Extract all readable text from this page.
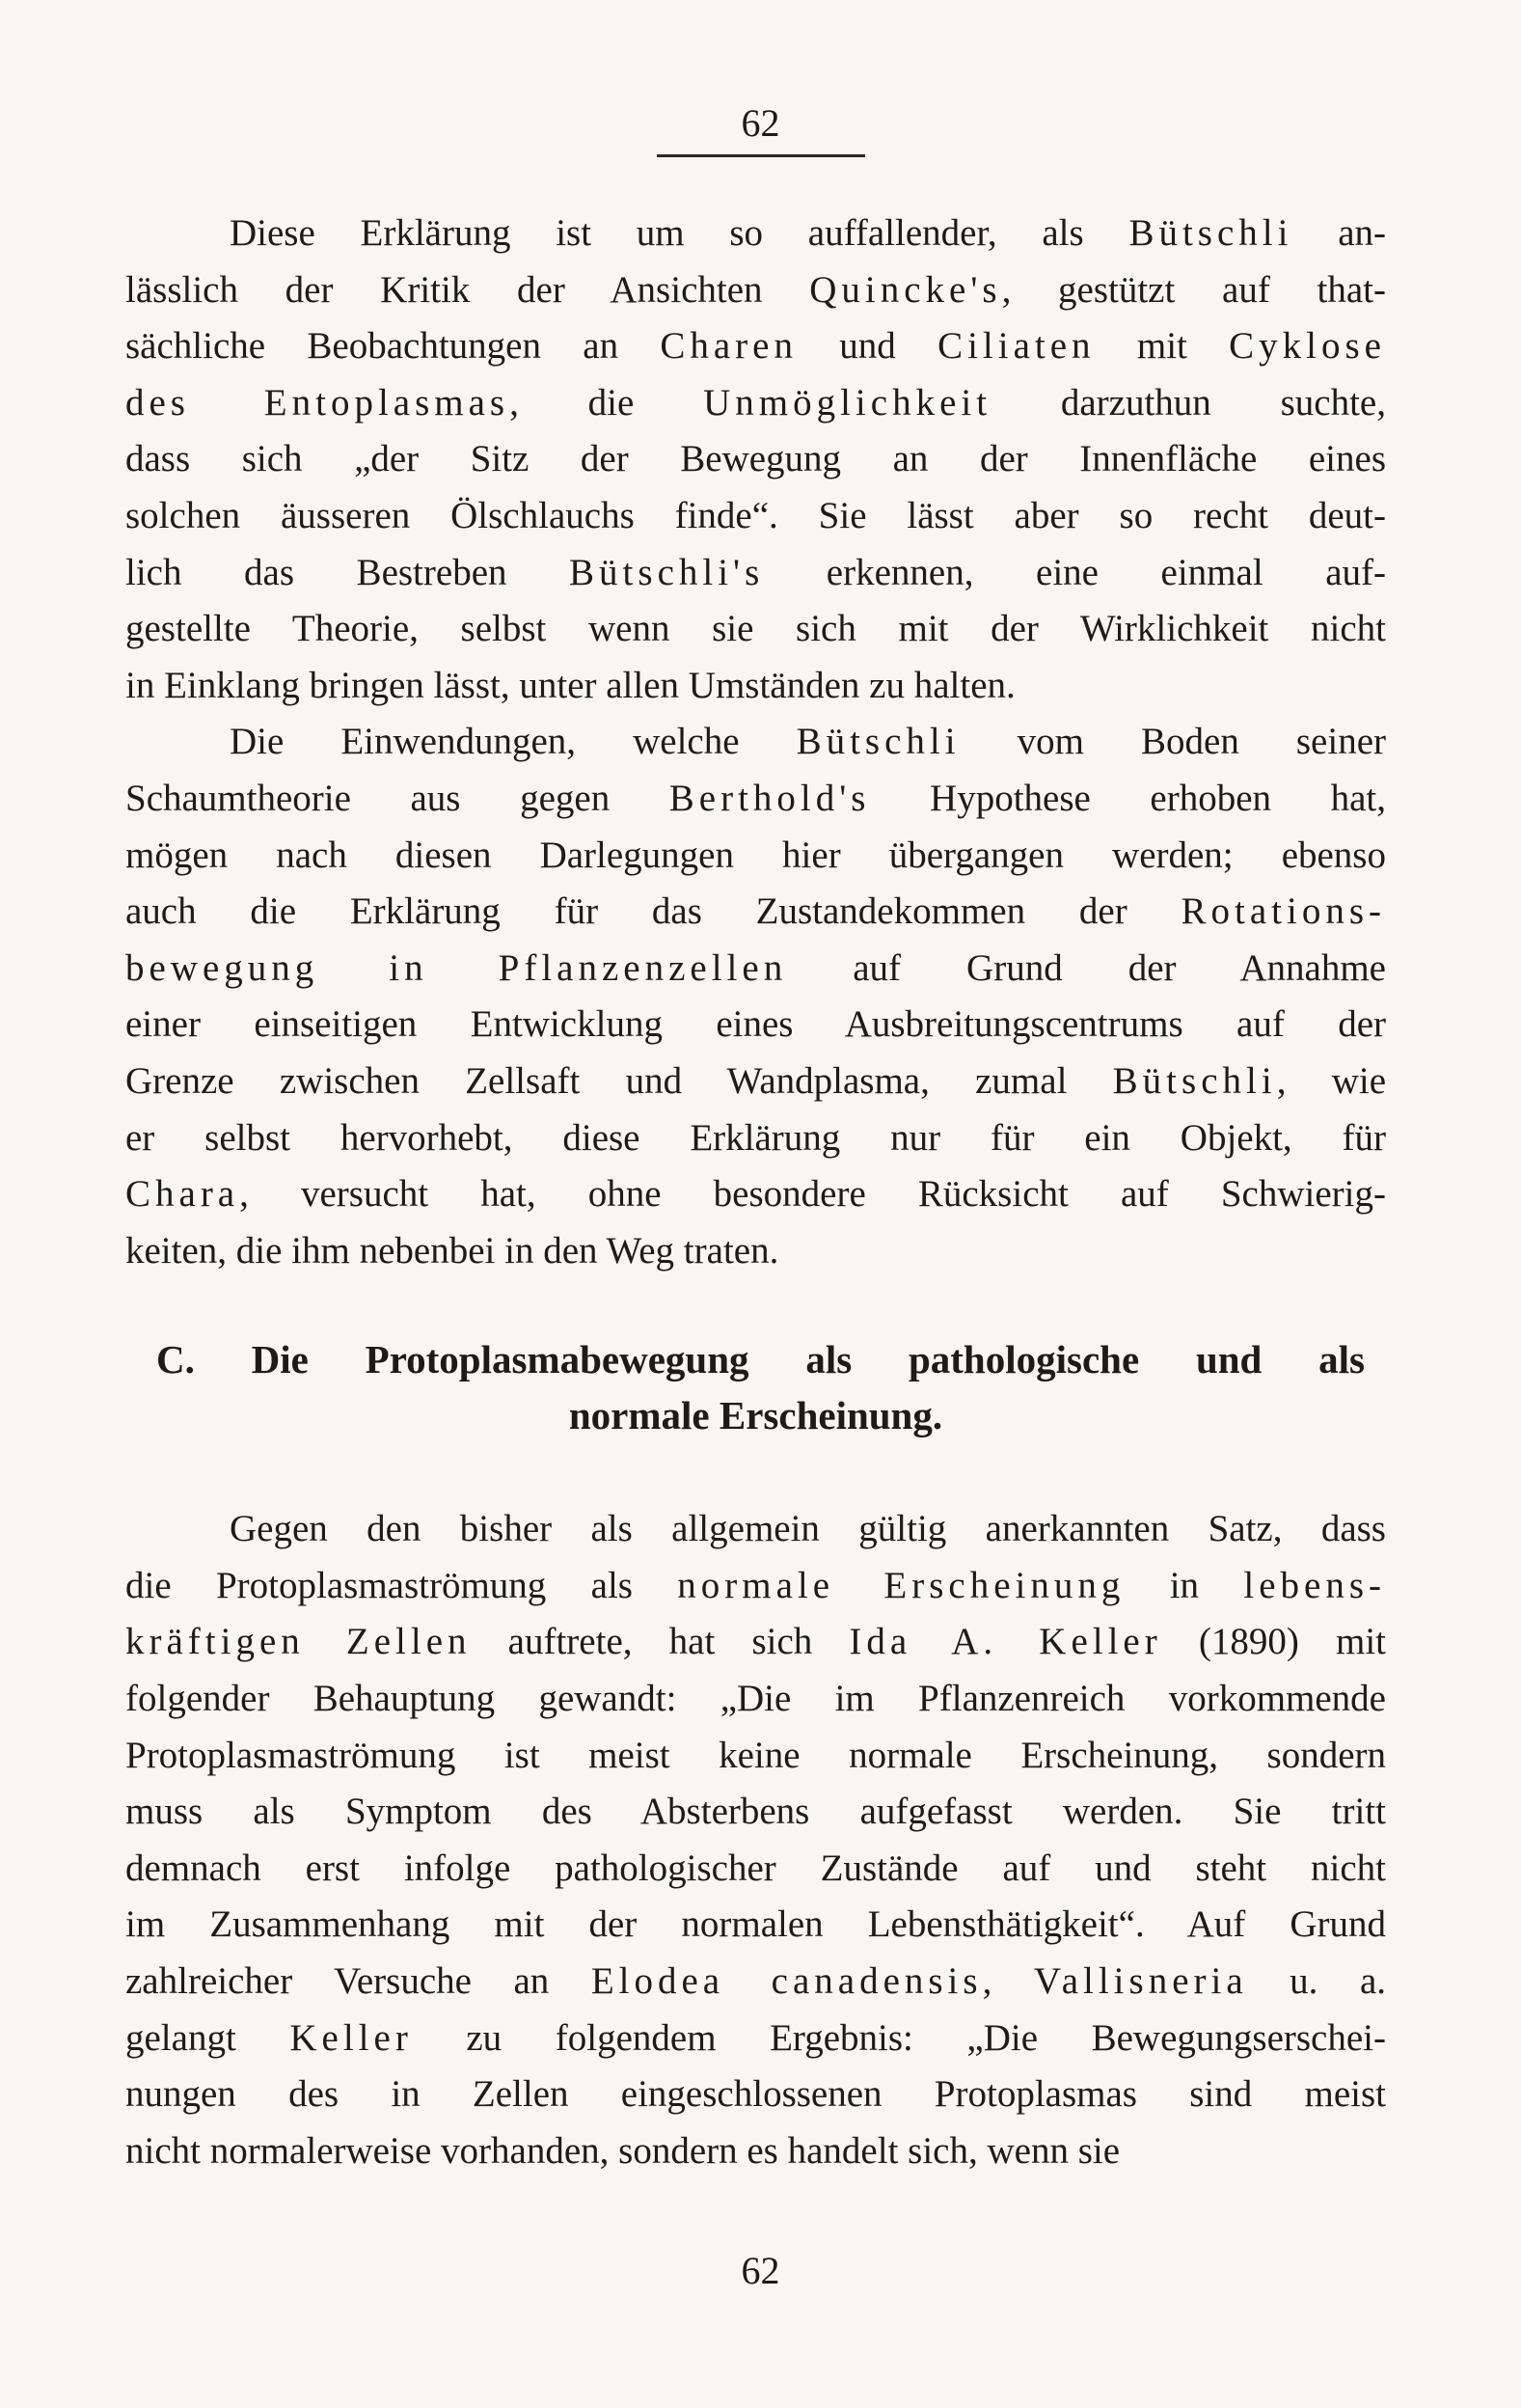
62
Diese Erklärung ist um so auffallender, als Bütschli an-
lässlich der Kritik der Ansichten Quincke's, gestützt auf that-
sächliche Beobachtungen an Charen und Ciliaten mit Cyklose
des Entoplasmas, die Unmöglichkeit darzuthun suchte,
dass sich „der Sitz der Bewegung an der Innenfläche eines
solchen äusseren Ölschlauchs finde“. Sie lässt aber so recht deut-
lich das Bestreben Bütschli's erkennen, eine einmal auf-
gestellte Theorie, selbst wenn sie sich mit der Wirklichkeit nicht
in Einklang bringen lässt, unter allen Umständen zu halten.
Die Einwendungen, welche Bütschli vom Boden seiner
Schaumtheorie aus gegen Berthold's Hypothese erhoben hat,
mögen nach diesen Darlegungen hier übergangen werden; ebenso
auch die Erklärung für das Zustandekommen der Rotations-
bewegung in Pflanzenzellen auf Grund der Annahme
einer einseitigen Entwicklung eines Ausbreitungscentrums auf der
Grenze zwischen Zellsaft und Wandplasma, zumal Bütschli, wie
er selbst hervorhebt, diese Erklärung nur für ein Objekt, für
Chara, versucht hat, ohne besondere Rücksicht auf Schwierig-
keiten, die ihm nebenbei in den Weg traten.
C. Die Protoplasmabewegung als pathologische und als
normale Erscheinung.
Gegen den bisher als allgemein gültig anerkannten Satz, dass
die Protoplasmaströmung als normale Erscheinung in lebens-
kräftigen Zellen auftrete, hat sich Ida A. Keller (1890) mit
folgender Behauptung gewandt: „Die im Pflanzenreich vorkommende
Protoplasmaströmung ist meist keine normale Erscheinung, sondern
muss als Symptom des Absterbens aufgefasst werden. Sie tritt
demnach erst infolge pathologischer Zustände auf und steht nicht
im Zusammenhang mit der normalen Lebensthätigkeit“. Auf Grund
zahlreicher Versuche an Elodea canadensis, Vallisneria u. a.
gelangt Keller zu folgendem Ergebnis: „Die Bewegungserschei-
nungen des in Zellen eingeschlossenen Protoplasmas sind meist
nicht normalerweise vorhanden, sondern es handelt sich, wenn sie
62
